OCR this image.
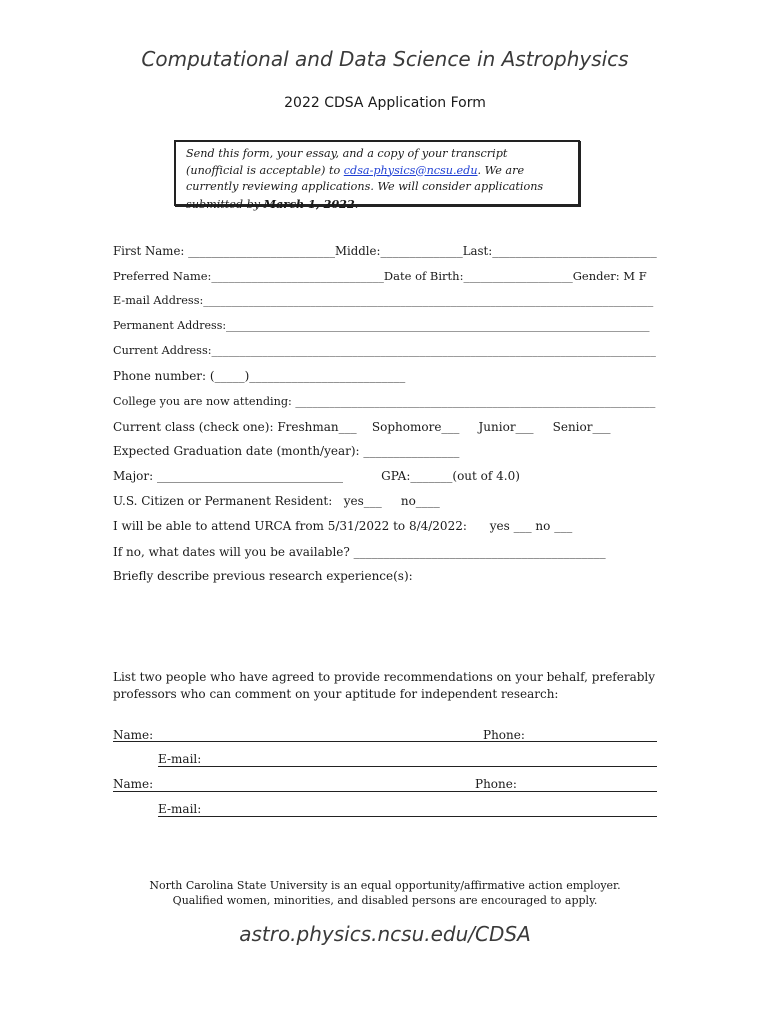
Computational and Data Science in Astrophysics
2022 CDSA Application Form
Send this form, your essay, and a copy of your transcript (unofficial is acceptable) to cdsa-physics@ncsu.edu. We are currently reviewing applications. We will consider applications submitted by March 1, 2022.
First Name: _________________________Middle:______________Last:____________________________
Preferred Name:______________________________Date of Birth:___________________Gender: M F
E-mail Address:________________________________________________________________________________
Permanent Address:_____________________________________________________________________________
Current Address:_______________________________________________________________________________
Phone number: (_____)__________________________
College you are now attending: ________________________________________________________________
Current class (check one): Freshman___    Sophomore___     Junior___     Senior___
Expected Graduation date (month/year): ________________
Major: _______________________________          GPA:_______(out of 4.0)
U.S. Citizen or Permanent Resident:   yes___     no____
I will be able to attend URCA from 5/31/2022 to 8/4/2022:      yes ___ no ___
If no, what dates will you be available? __________________________________________
Briefly describe previous research experience(s):
List two people who have agreed to provide recommendations on your behalf, preferably professors who can comment on your aptitude for independent research:
Name:	Phone:
E-mail:
Name:	Phone:
E-mail:
North Carolina State University is an equal opportunity/affirmative action employer.
Qualified women, minorities, and disabled persons are encouraged to apply.
astro.physics.ncsu.edu/CDSA
